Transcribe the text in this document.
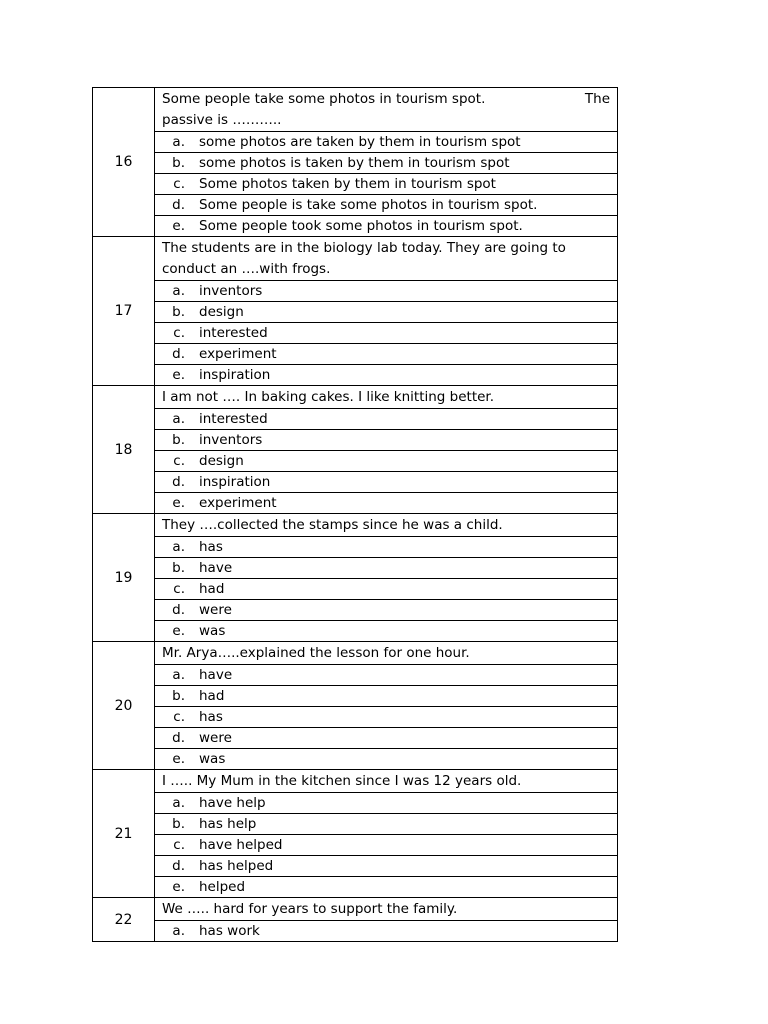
16	Some people take some photos in tourism spot. The
passive is ………..

	a. some photos are taken by them in tourism spot
	b. some photos is taken by them in tourism spot
	c. Some photos taken by them in tourism spot
	d. Some people is take some photos in tourism spot.
	e. Some people took some photos in tourism spot.
17	The students are in the biology lab today. They are going to
conduct an ….with frogs.

	a. inventors
	b. design
	c. interested
	d. experiment
	e. inspiration
18	I am not …. In baking cakes. I like knitting better.

	a. interested
	b. inventors
	c. design
	d. inspiration
	e. experiment
19	They ….collected the stamps since he was a child.

	a. has
	b. have
	c. had
	d. were
	e. was
20	Mr. Arya…..explained the lesson for one hour.

	a. have
	b. had
	c. has
	d. were
	e. was
21	I ….. My Mum in the kitchen since I was 12 years old.

	a. have help
	b. has help
	c. have helped
	d. has helped
	e. helped
22	We ….. hard for years to support the family.

	a. has work
